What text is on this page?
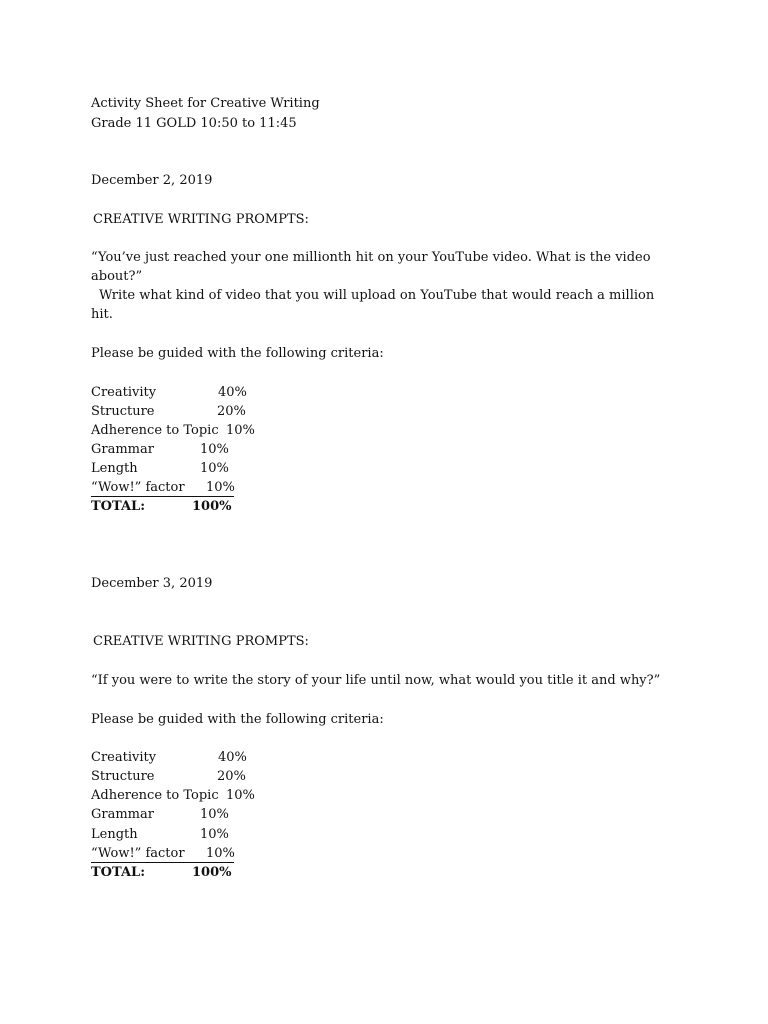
Activity Sheet for Creative Writing

Grade 11 GOLD 10:50 to 11:45

December 2, 2019

CREATIVE WRITING PROMPTS:

“You’ve just reached your one millionth hit on your YouTube video. What is the video

about?”

Write what kind of video that you will upload on YouTube that would reach a million

hit.

Please be guided with the following criteria:

Creativity	40%
Structure	20%
Adherence to Topic 10%
Grammar	10%
Length	10%
“Wow!” factor 10%
TOTAL:	100%

December 3, 2019

CREATIVE WRITING PROMPTS:

“If you were to write the story of your life until now, what would you title it and why?”

Please be guided with the following criteria:

Creativity	40%
Structure	20%
Adherence to Topic 10%
Grammar	10%
Length	10%
“Wow!” factor 10%
TOTAL:	100%
